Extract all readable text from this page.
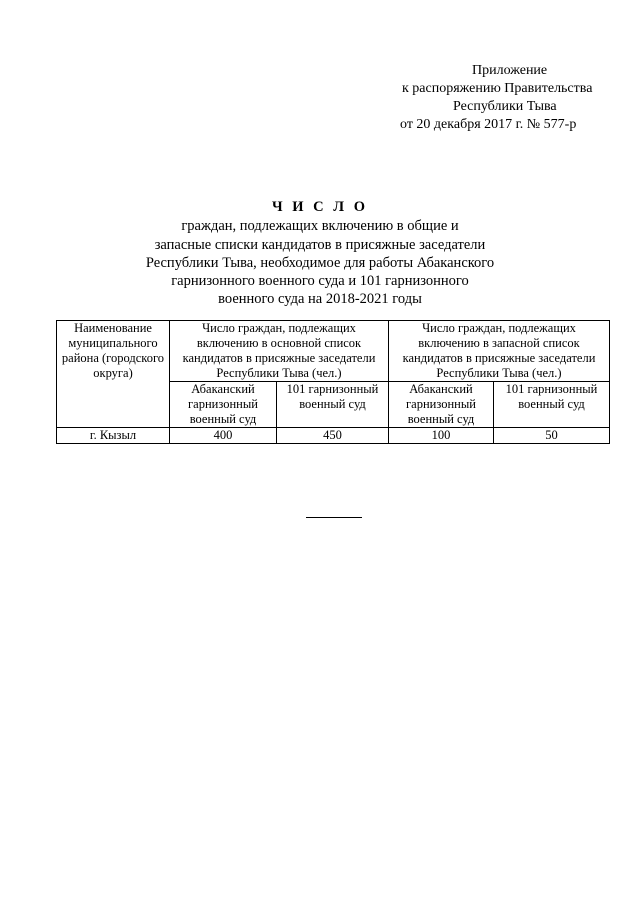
Приложение
к распоряжению Правительства
Республики Тыва
от 20 декабря 2017 г. № 577-р
Ч И С Л О
граждан, подлежащих включению в общие и
запасные списки кандидатов в присяжные заседатели
Республики Тыва, необходимое для работы Абаканского
гарнизонного военного суда и 101 гарнизонного
военного суда на 2018-2021 годы
Наименование муниципального района (городского округа)	Число граждан, подлежащих включению в основной список кандидатов в присяжные заседатели Республики Тыва (чел.)		Число граждан, подлежащих включению в запасной список кандидатов в присяжные заседатели Республики Тыва (чел.)	
	Абаканский гарнизонный военный суд	101 гарнизонный военный суд	Абаканский гарнизонный военный суд	101 гарнизонный военный суд
г. Кызыл	400	450	100	50
